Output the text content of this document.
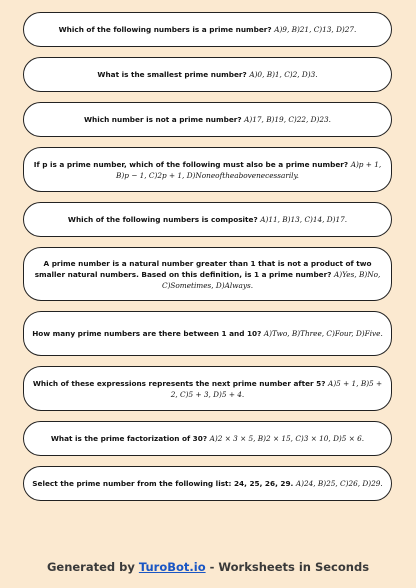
Which of the following numbers is a prime number? A)9, B)21, C)13, D)27.
What is the smallest prime number? A)0, B)1, C)2, D)3.
Which number is not a prime number? A)17, B)19, C)22, D)23.
If p is a prime number, which of the following must also be a prime number? A)p + 1, B)p − 1, C)2p + 1, D)Noneoftheabovenecessarily.
Which of the following numbers is composite? A)11, B)13, C)14, D)17.
A prime number is a natural number greater than 1 that is not a product of two smaller natural numbers. Based on this definition, is 1 a prime number? A)Yes, B)No, C)Sometimes, D)Always.
How many prime numbers are there between 1 and 10? A)Two, B)Three, C)Four, D)Five.
Which of these expressions represents the next prime number after 5? A)5 + 1, B)5 + 2, C)5 + 3, D)5 + 4.
What is the prime factorization of 30? A)2 × 3 × 5, B)2 × 15, C)3 × 10, D)5 × 6.
Select the prime number from the following list: 24, 25, 26, 29. A)24, B)25, C)26, D)29.
Generated by TuroBot.io - Worksheets in Seconds
